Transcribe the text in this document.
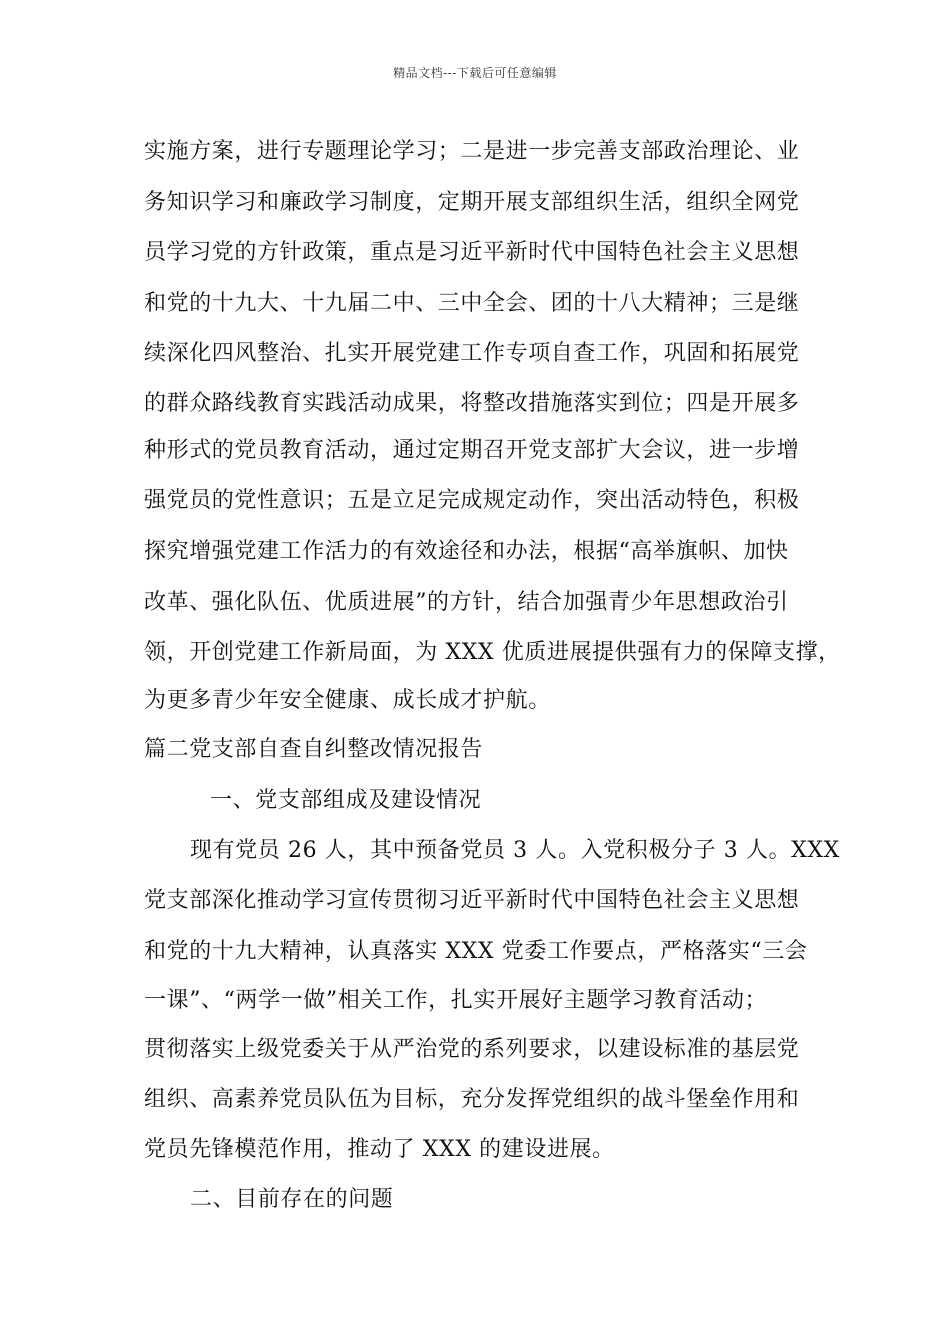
精品文档---下载后可任意编辑
实施方案，进行专题理论学习；二是进一步完善支部政治理论、业
务知识学习和廉政学习制度，定期开展支部组织生活，组织全网党
员学习党的方针政策，重点是习近平新时代中国特色社会主义思想
和党的十九大、十九届二中、三中全会、团的十八大精神；三是继
续深化四风整治、扎实开展党建工作专项自查工作，巩固和拓展党
的群众路线教育实践活动成果，将整改措施落实到位；四是开展多
种形式的党员教育活动，通过定期召开党支部扩大会议，进一步增
强党员的党性意识；五是立足完成规定动作，突出活动特色，积极
探究增强党建工作活力的有效途径和办法，根据“高举旗帜、加快
改革、强化队伍、优质进展”的方针，结合加强青少年思想政治引
领，开创党建工作新局面，为 XXX 优质进展提供强有力的保障支撑，
为更多青少年安全健康、成长成才护航。
篇二党支部自查自纠整改情况报告
一、党支部组成及建设情况
现有党员 26 人，其中预备党员 3 人。入党积极分子 3 人。XXX
党支部深化推动学习宣传贯彻习近平新时代中国特色社会主义思想
和党的十九大精神，认真落实 XXX 党委工作要点，严格落实“三会
一课”、“两学一做”相关工作，扎实开展好主题学习教育活动；
贯彻落实上级党委关于从严治党的系列要求，以建设标准的基层党
组织、高素养党员队伍为目标，充分发挥党组织的战斗堡垒作用和
党员先锋模范作用，推动了 XXX 的建设进展。
二、目前存在的问题
